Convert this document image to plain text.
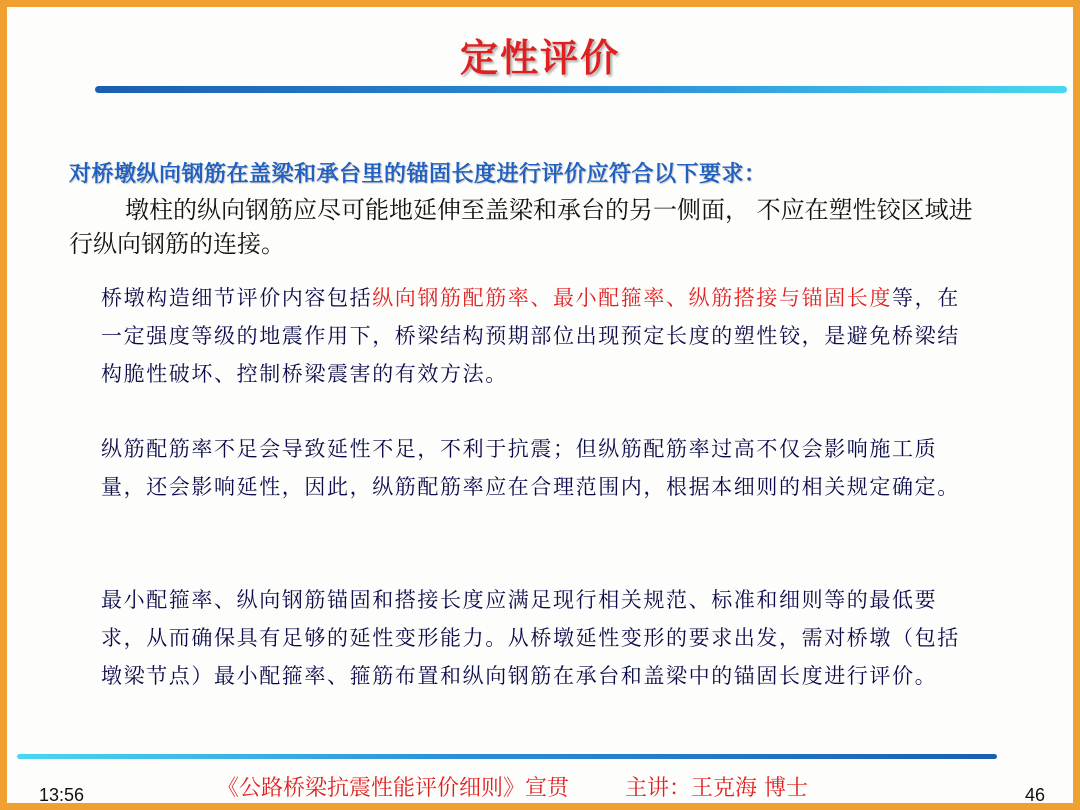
定性评价
对桥墩纵向钢筋在盖梁和承台里的锚固长度进行评价应符合以下要求：
墩柱的纵向钢筋应尽可能地延伸至盖梁和承台的另一侧面， 不应在塑性铰区域进行纵向钢筋的连接。
桥墩构造细节评价内容包括纵向钢筋配筋率、最小配箍率、纵筋搭接与锚固长度等，在一定强度等级的地震作用下，桥梁结构预期部位出现预定长度的塑性铰，是避免桥梁结构脆性破坏、控制桥梁震害的有效方法。
纵筋配筋率不足会导致延性不足，不利于抗震；但纵筋配筋率过高不仅会影响施工质量，还会影响延性，因此，纵筋配筋率应在合理范围内，根据本细则的相关规定确定。
最小配箍率、纵向钢筋锚固和搭接长度应满足现行相关规范、标准和细则等的最低要求，从而确保具有足够的延性变形能力。从桥墩延性变形的要求出发，需对桥墩（包括墩梁节点）最小配箍率、箍筋布置和纵向钢筋在承台和盖梁中的锚固长度进行评价。
13:56	《公路桥梁抗震性能评价细则》宣贯	主讲：王克海 博士	46
